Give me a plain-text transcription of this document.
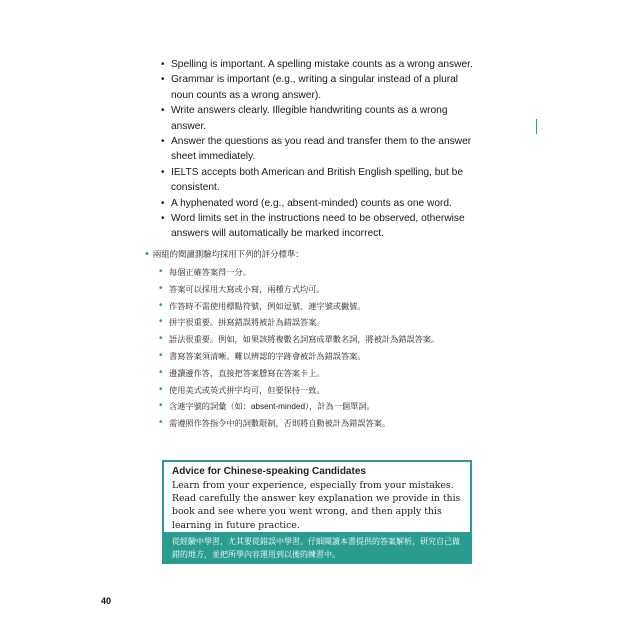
• Spelling is important. A spelling mistake counts as a wrong answer.
• Grammar is important (e.g., writing a singular instead of a plural noun counts as a wrong answer).
• Write answers clearly. Illegible handwriting counts as a wrong answer.
• Answer the questions as you read and transfer them to the answer sheet immediately.
• IELTS accepts both American and British English spelling, but be consistent.
• A hyphenated word (e.g., absent-minded) counts as one word.
• Word limits set in the instructions need to be observed, otherwise answers will automatically be marked incorrect.
• 兩組的閱讀測驗均採用下列的評分標準：
• 每個正確答案得一分。
• 答案可以採用大寫或小寫，兩種方式均可。
• 作答時不需使用標點符號，例如逗號、連字號或撇號。
• 拼字很重要。拼寫錯誤將被計為錯誤答案。
• 語法很重要。例如，如果該將複數名詞寫成單數名詞，將被計為錯誤答案。
• 書寫答案須清晰。難以辨認的字跡會被計為錯誤答案。
• 邊讀邊作答，直接把答案謄寫在答案卡上。
• 使用美式或英式拼字均可，但要保持一致。
• 含連字號的詞彙（如：absent-minded），計為一個單詞。
• 需遵照作答指令中的詞數限制，否則將自動被計為錯誤答案。
Advice for Chinese-speaking Candidates
Learn from your experience, especially from your mistakes. Read carefully the answer key explanation we provide in this book and see where you went wrong, and then apply this learning in future practice.
從經驗中學習，尤其要從錯誤中學習。仔細閱讀本書提供的答案解析，研究自己做錯的地方，並把所學內容運用到以後的練習中。
40
